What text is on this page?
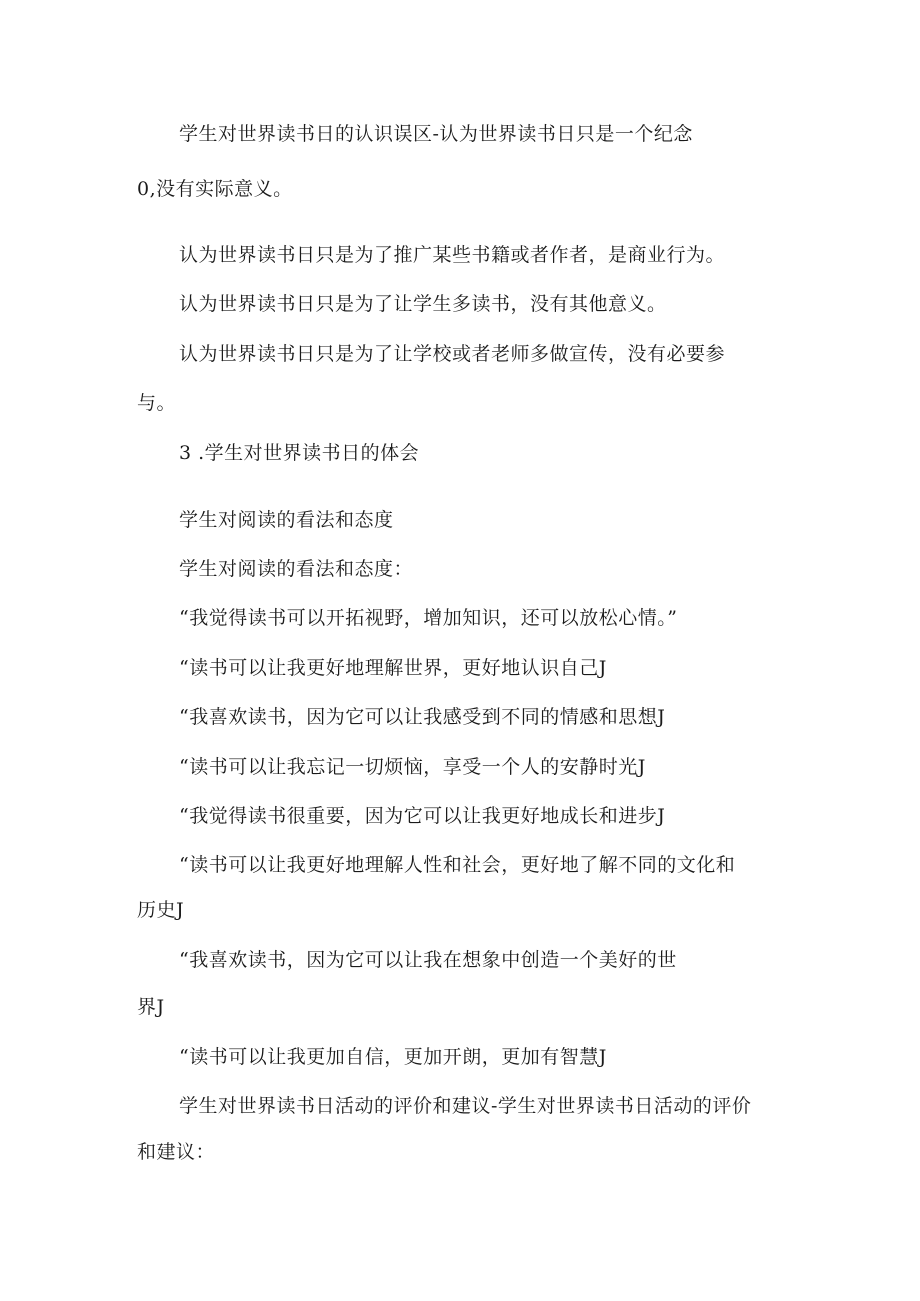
学生对世界读书日的认识误区-认为世界读书日只是一个纪念
0,没有实际意义。
认为世界读书日只是为了推广某些书籍或者作者，是商业行为。
认为世界读书日只是为了让学生多读书，没有其他意义。
认为世界读书日只是为了让学校或者老师多做宣传，没有必要参
与。
3 .学生对世界读书日的体会
学生对阅读的看法和态度
学生对阅读的看法和态度：
“我觉得读书可以开拓视野，增加知识，还可以放松心情。”
“读书可以让我更好地理解世界，更好地认识自己J
“我喜欢读书，因为它可以让我感受到不同的情感和思想J
“读书可以让我忘记一切烦恼，享受一个人的安静时光J
“我觉得读书很重要，因为它可以让我更好地成长和进步J
“读书可以让我更好地理解人性和社会，更好地了解不同的文化和
历史J
“我喜欢读书，因为它可以让我在想象中创造一个美好的世
界J
“读书可以让我更加自信，更加开朗，更加有智慧J
学生对世界读书日活动的评价和建议-学生对世界读书日活动的评价
和建议：
